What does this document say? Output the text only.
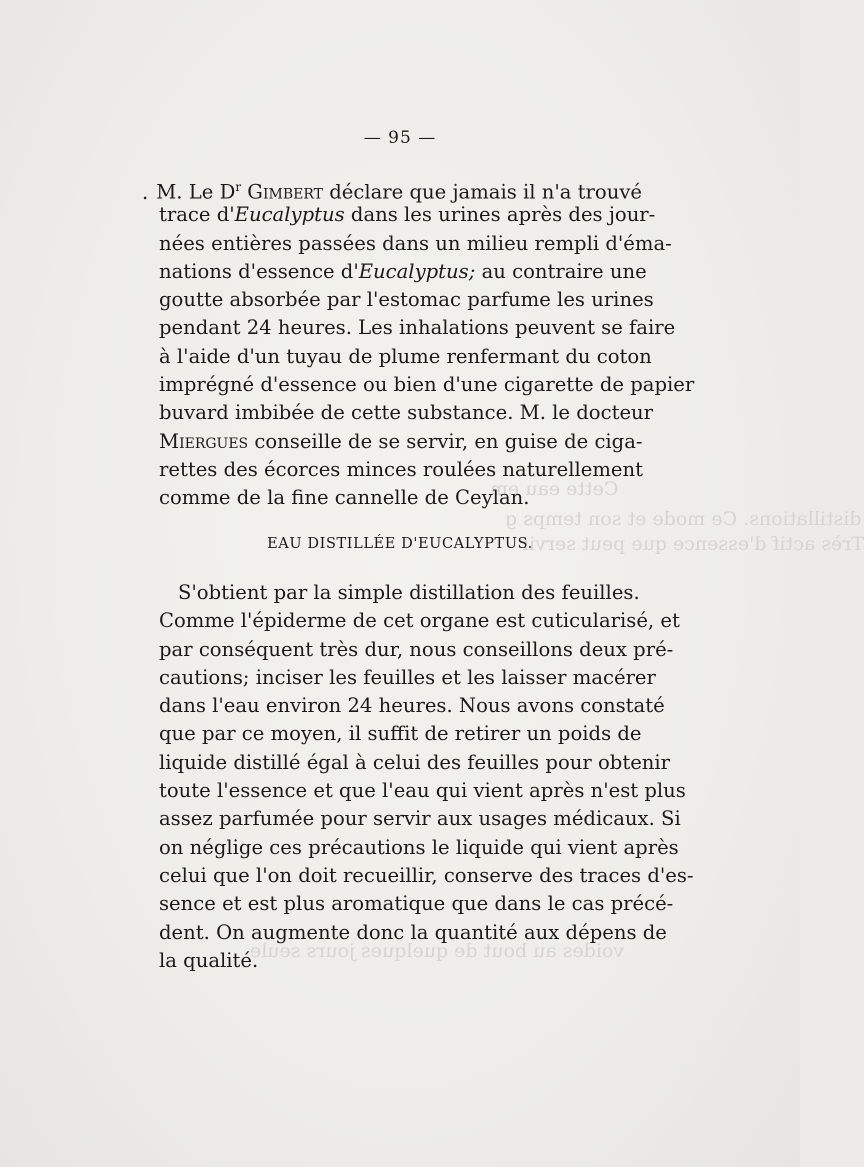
Cette eau em
distillations. Ce mode et son temps g
Très actif d'essence que peut servir
voides au bout de quelques jours seule
— 95 —
. M. Le $D^r$ Gimbert déclare que jamais il n'a trouvé
trace d'Eucalyptus dans les urines après des jour-
nées entières passées dans un milieu rempli d'éma-
nations d'essence d'Eucalyptus; au contraire une
goutte absorbée par l'estomac parfume les urines
pendant 24 heures. Les inhalations peuvent se faire
à l'aide d'un tuyau de plume renfermant du coton
imprégné d'essence ou bien d'une cigarette de papier
buvard imbibée de cette substance. M. le docteur
Miergues conseille de se servir, en guise de ciga-
rettes des écorces minces roulées naturellement
comme de la fine cannelle de Ceylan.
EAU DISTILLÉE D'EUCALYPTUS.
S'obtient par la simple distillation des feuilles.
Comme l'épiderme de cet organe est cuticularisé, et
par conséquent très dur, nous conseillons deux pré-
cautions; inciser les feuilles et les laisser macérer
dans l'eau environ 24 heures. Nous avons constaté
que par ce moyen, il suffit de retirer un poids de
liquide distillé égal à celui des feuilles pour obtenir
toute l'essence et que l'eau qui vient après n'est plus
assez parfumée pour servir aux usages médicaux. Si
on néglige ces précautions le liquide qui vient après
celui que l'on doit recueillir, conserve des traces d'es-
sence et est plus aromatique que dans le cas précé-
dent. On augmente donc la quantité aux dépens de
la qualité.
